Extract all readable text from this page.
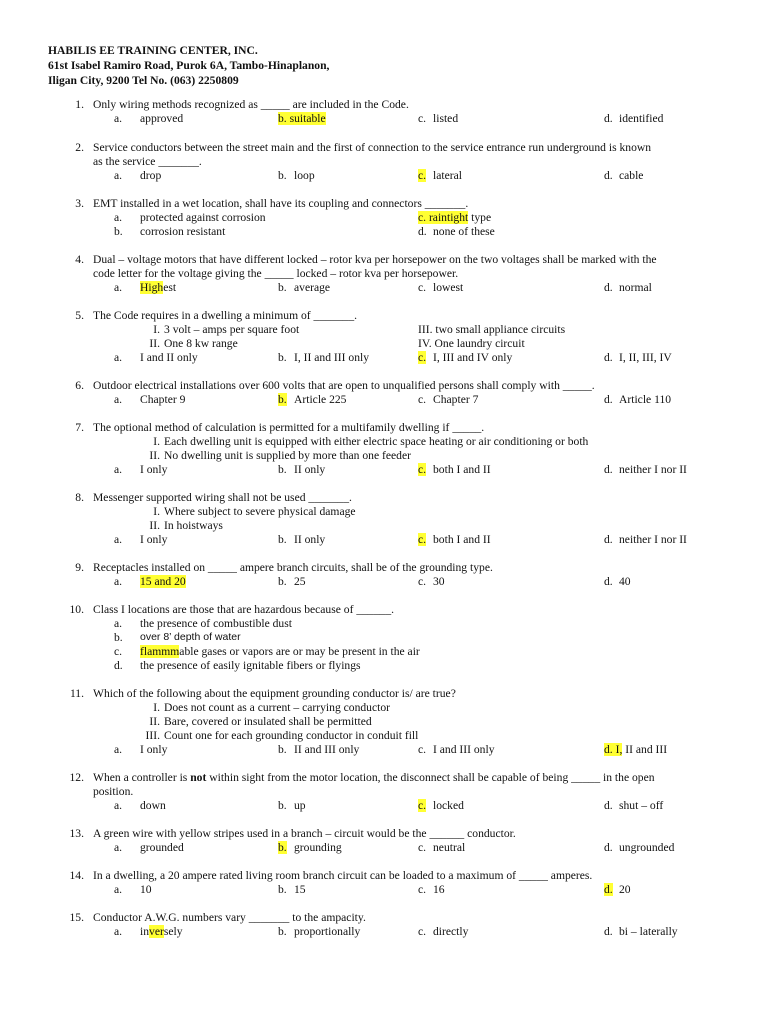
HABILIS EE TRAINING CENTER, INC.
61st Isabel Ramiro Road, Purok 6A, Tambo-Hinaplanon,
Iligan City, 9200 Tel No. (063) 2250809
1. Only wiring methods recognized as _____ are included in the Code.
a.	approved	b. suitable	c. listed	d. identified
2. Service conductors between the street main and the first of connection to the service entrance run underground is known
as the service _______.
a.	drop	b. loop	c. lateral	d. cable
3. EMT installed in a wet location, shall have its coupling and connectors _______.
a.	protected against corrosion	c. raintight type
b.	corrosion resistant	d. none of these
4. Dual – voltage motors that have different locked – rotor kva per horsepower on the two voltages shall be marked with the
code letter for the voltage giving the _____ locked – rotor kva per horsepower.
a.	Highest	b. average	c. lowest	d. normal
5. The Code requires in a dwelling a minimum of _______.
I. 3 volt – amps per square foot	III. two small appliance circuits
II. One 8 kw range	IV. One laundry circuit
a.	I and II only	b. I, II and III only	c. I, III and IV only	d. I, II, III, IV
6. Outdoor electrical installations over 600 volts that are open to unqualified persons shall comply with _____.
a.	Chapter 9	b. Article 225	c. Chapter 7	d. Article 110
7. The optional method of calculation is permitted for a multifamily dwelling if _____.
I. Each dwelling unit is equipped with either electric space heating or air conditioning or both
II. No dwelling unit is supplied by more than one feeder
a.	I only	b. II only	c. both I and II	d. neither I nor II
8. Messenger supported wiring shall not be used _______.
I. Where subject to severe physical damage
II. In hoistways
a.	I only	b. II only	c. both I and II	d. neither I nor II
9. Receptacles installed on _____ ampere branch circuits, shall be of the grounding type.
a.	15 and 20	b. 25	c. 30	d. 40
10. Class I locations are those that are hazardous because of ______.
a.	the presence of combustible dust
b.	over 8’ depth of water
c.	flammmable gases or vapors are or may be present in the air
d.	the presence of easily ignitable fibers or flyings
11. Which of the following about the equipment grounding conductor is/ are true?
I. Does not count as a current – carrying conductor
II. Bare, covered or insulated shall be permitted
III. Count one for each grounding conductor in conduit fill
a.	I only	b. II and III only	c. I and III only	d. I, II and III
12. When a controller is not within sight from the motor location, the disconnect shall be capable of being _____ in the open
position.
a.	down	b. up	c. locked	d. shut – off
13. A green wire with yellow stripes used in a branch – circuit would be the ______ conductor.
a.	grounded	b. grounding	c. neutral	d. ungrounded
14. In a dwelling, a 20 ampere rated living room branch circuit can be loaded to a maximum of _____ amperes.
a.	10	b. 15	c. 16	d. 20
15. Conductor A.W.G. numbers vary _______ to the ampacity.
a.	inversely	b. proportionally	c. directly	d. bi – laterally
